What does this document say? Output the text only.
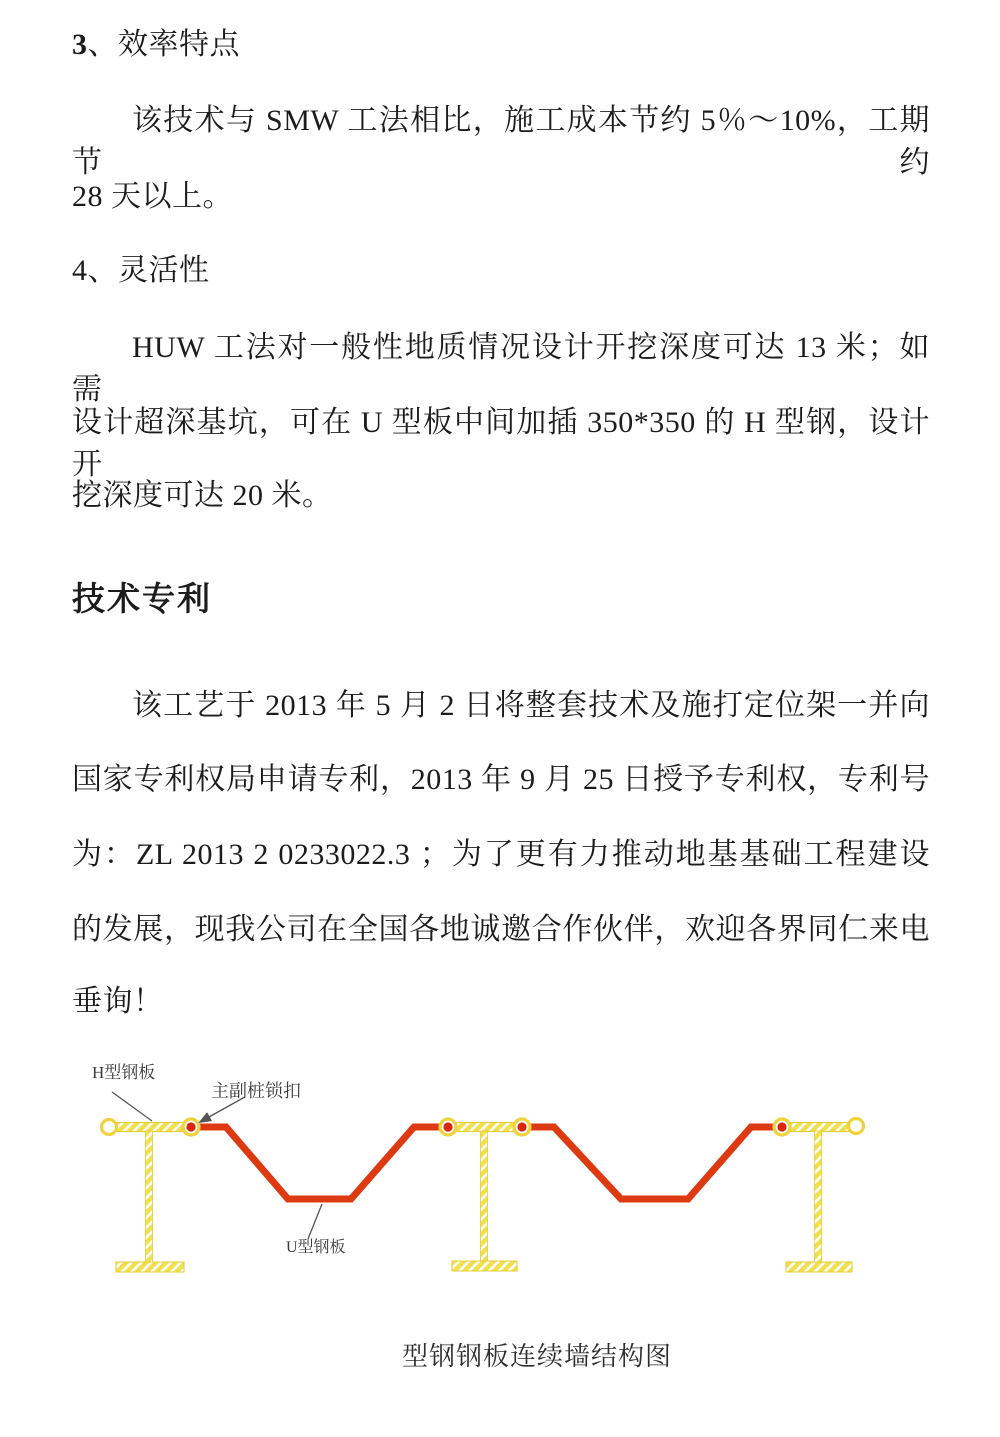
3、效率特点
该技术与 SMW 工法相比，施工成本节约 5％～10%，工期节约
28 天以上。
4、灵活性
HUW 工法对一般性地质情况设计开挖深度可达 13 米；如需
设计超深基坑，可在 U 型板中间加插 350*350 的 H 型钢，设计开
挖深度可达 20 米。
技术专利
该工艺于 2013 年 5 月 2 日将整套技术及施打定位架一并向
国家专利权局申请专利，2013 年 9 月 25 日授予专利权，专利号
为：ZL 2013 2 0233022.3 ；为了更有力推动地基基础工程建设
的发展，现我公司在全国各地诚邀合作伙伴，欢迎各界同仁来电
垂询！
H型钢板
主副桩锁扣
U型钢板
型钢钢板连续墙结构图
